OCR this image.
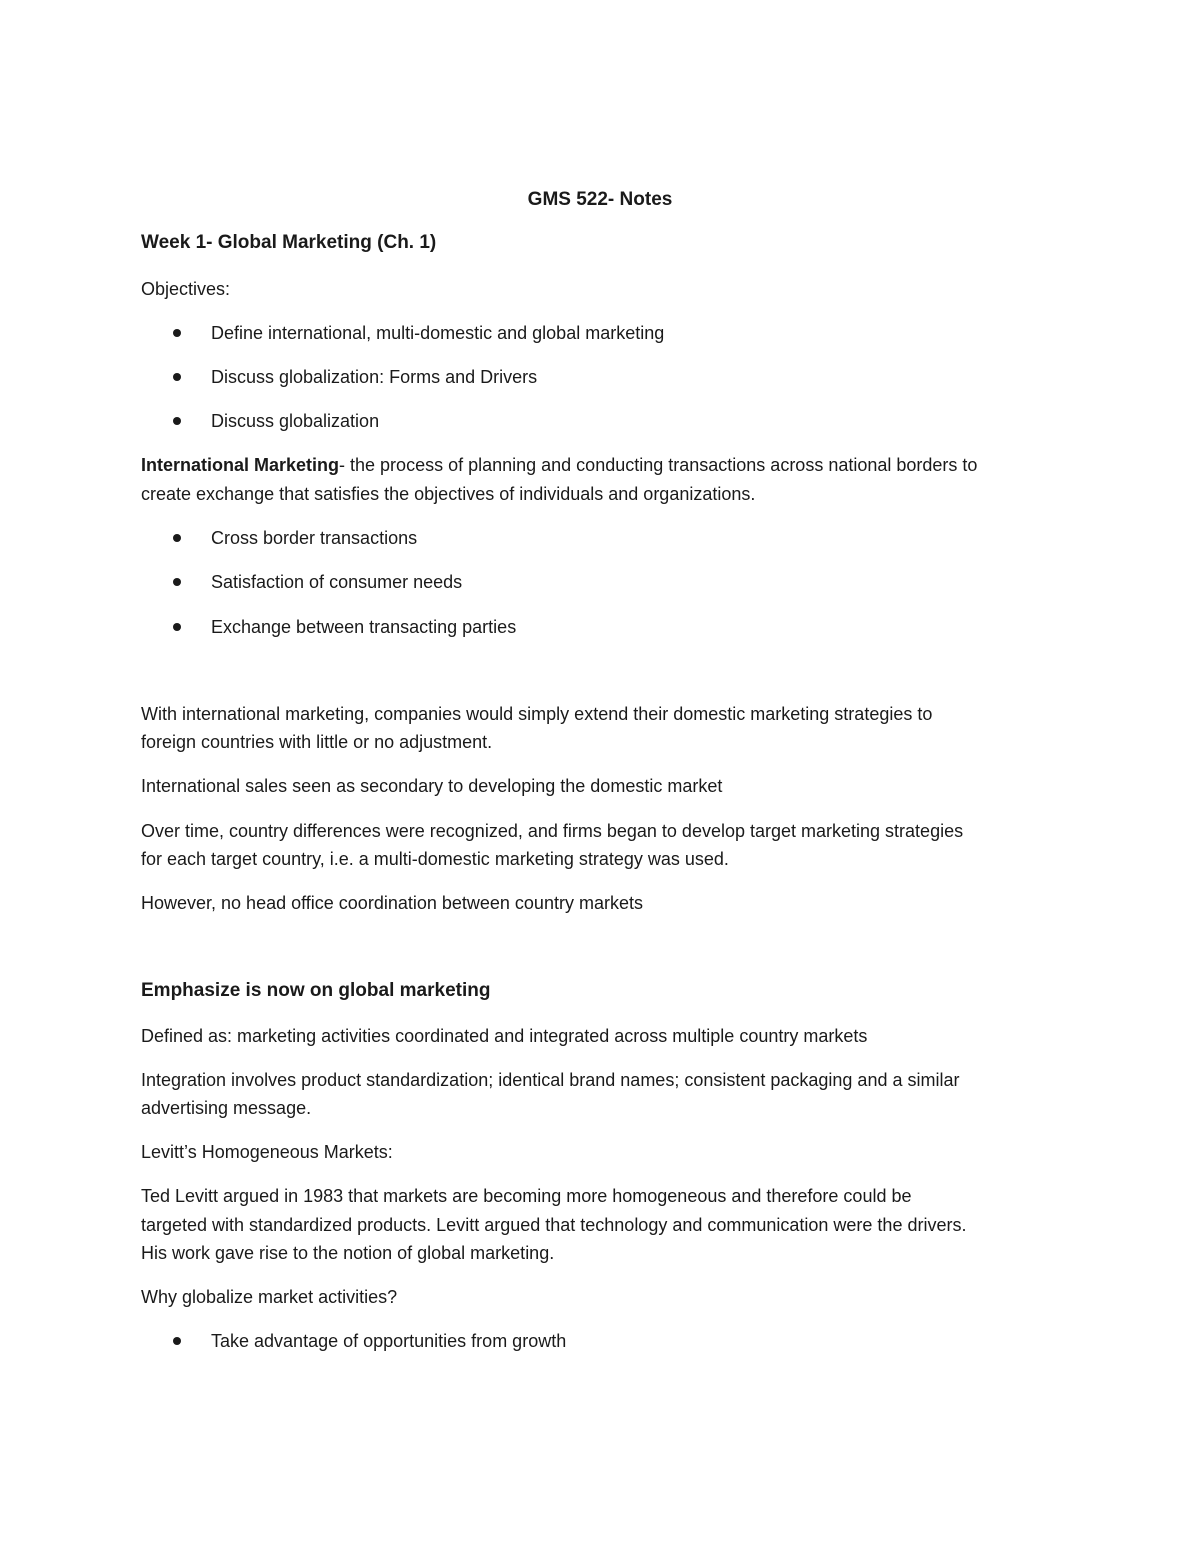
GMS 522- Notes
Week 1- Global Marketing (Ch. 1)
Objectives:
Define international, multi-domestic and global marketing
Discuss globalization: Forms and Drivers
Discuss globalization
International Marketing- the process of planning and conducting transactions across national borders to
create exchange that satisfies the objectives of individuals and organizations.
Cross border transactions
Satisfaction of consumer needs
Exchange between transacting parties
With international marketing, companies would simply extend their domestic marketing strategies to
foreign countries with little or no adjustment.
International sales seen as secondary to developing the domestic market
Over time, country differences were recognized, and firms began to develop target marketing strategies
for each target country, i.e. a multi-domestic marketing strategy was used.
However, no head office coordination between country markets
Emphasize is now on global marketing
Defined as: marketing activities coordinated and integrated across multiple country markets
Integration involves product standardization; identical brand names; consistent packaging and a similar
advertising message.
Levitt’s Homogeneous Markets:
Ted Levitt argued in 1983 that markets are becoming more homogeneous and therefore could be
targeted with standardized products. Levitt argued that technology and communication were the drivers.
His work gave rise to the notion of global marketing.
Why globalize market activities?
Take advantage of opportunities from growth
